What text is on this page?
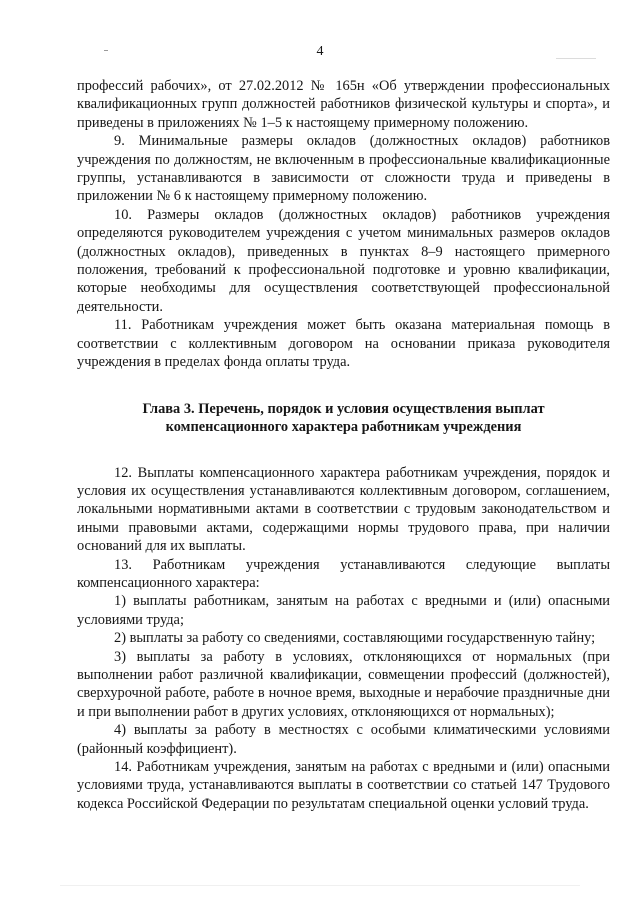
4

профессий рабочих», от 27.02.2012 № 165н «Об утверждении профессиональных квалификационных групп должностей работников физической культуры и спорта», и приведены в приложениях № 1–5 к настоящему примерному положению.

9. Минимальные размеры окладов (должностных окладов) работников учреждения по должностям, не включенным в профессиональные квалификационные группы, устанавливаются в зависимости от сложности труда и приведены в приложении № 6 к настоящему примерному положению.

10. Размеры окладов (должностных окладов) работников учреждения определяются руководителем учреждения с учетом минимальных размеров окладов (должностных окладов), приведенных в пунктах 8–9 настоящего примерного положения, требований к профессиональной подготовке и уровню квалификации, которые необходимы для осуществления соответствующей профессиональной деятельности.

11. Работникам учреждения может быть оказана материальная помощь в соответствии с коллективным договором на основании приказа руководителя учреждения в пределах фонда оплаты труда.

Глава 3. Перечень, порядок и условия осуществления выплат
компенсационного характера работникам учреждения

12. Выплаты компенсационного характера работникам учреждения, порядок и условия их осуществления устанавливаются коллективным договором, соглашением, локальными нормативными актами в соответствии с трудовым законодательством и иными правовыми актами, содержащими нормы трудового права, при наличии оснований для их выплаты.

13. Работникам учреждения устанавливаются следующие выплаты компенсационного характера:

1) выплаты работникам, занятым на работах с вредными и (или) опасными условиями труда;

2) выплаты за работу со сведениями, составляющими государственную тайну;

3) выплаты за работу в условиях, отклоняющихся от нормальных (при выполнении работ различной квалификации, совмещении профессий (должностей), сверхурочной работе, работе в ночное время, выходные и нерабочие праздничные дни и при выполнении работ в других условиях, отклоняющихся от нормальных);

4) выплаты за работу в местностях с особыми климатическими условиями (районный коэффициент).

14. Работникам учреждения, занятым на работах с вредными и (или) опасными условиями труда, устанавливаются выплаты в соответствии со статьей 147 Трудового кодекса Российской Федерации по результатам специальной оценки условий труда.
